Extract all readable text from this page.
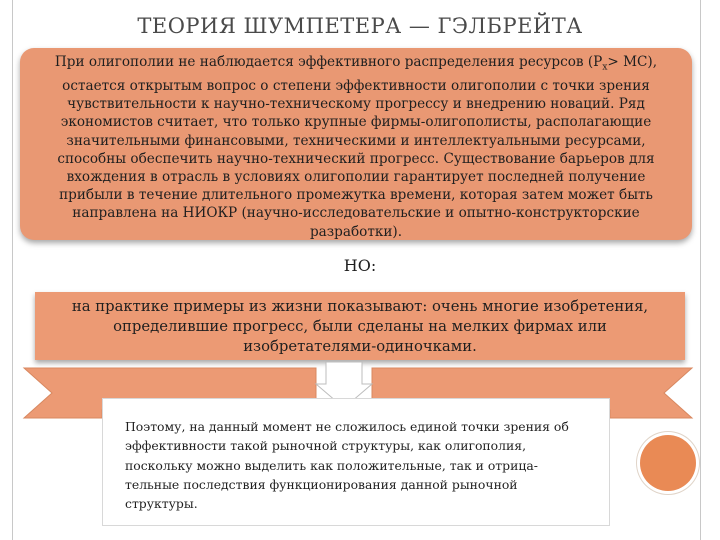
ТЕОРИЯ ШУМПЕТЕРА — ГЭЛБРЕЙТА
При олигополии не наблюдается эффективного распределения ресурсов $(P_x> MC)$, остается открытым вопрос о степени эффективности олигополии с точки зрения чувствительности к научно-техническому прогрессу и внедрению новаций. Ряд экономистов считает, что только крупные фирмы-олигополисты, располагающие значительными финансовыми, техническими и интеллектуальными ресурсами, способны обеспечить научно-технический прогресс. Существование барьеров для вхождения в отрасль в условиях олигополии гарантирует последней получение прибыли в течение длительного промежутка времени, которая затем может быть направлена на НИОКР (научно-исследовательские и опытно-конструкторские разработки).
НО:
на практике примеры из жизни показывают: очень многие изобретения, определившие прогресс, были сделаны на мелких фирмах или изобретателями-одиночками.
Поэтому, на данный момент не сложилось единой точки зрения об эффективности такой рыночной структуры, как олигополия, поскольку можно выделить как положительные, так и отрица-тельные последствия функционирования данной рыночной структуры.
